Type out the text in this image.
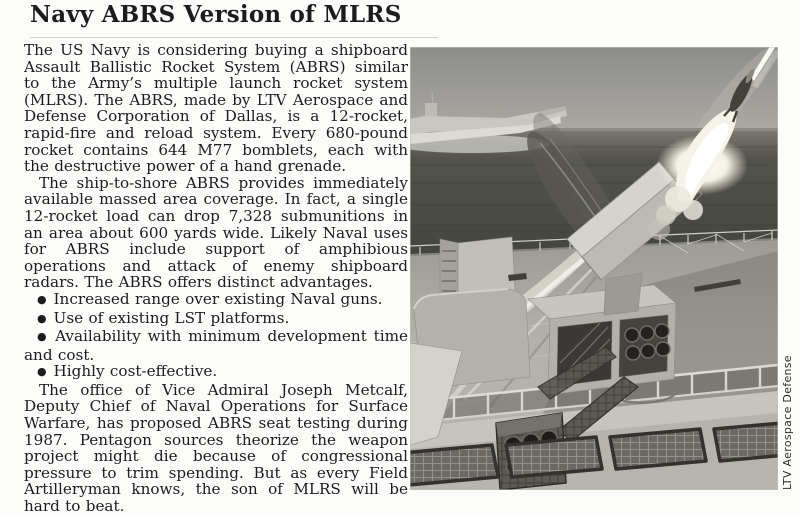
Navy ABRS Version of MLRS

The US Navy is considering buying a shipboard Assault Ballistic Rocket System (ABRS) similar to the Army’s multiple launch rocket system (MLRS). The ABRS, made by LTV Aerospace and Defense Corporation of Dallas, is a 12-rocket, rapid-fire and reload system. Every 680-pound rocket contains 644 M77 bomblets, each with the destructive power of a hand grenade.

The ship-to-shore ABRS provides immediately available massed area coverage. In fact, a single 12-rocket load can drop 7,328 submunitions in an area about 600 yards wide. Likely Naval uses for ABRS include support of amphibious operations and attack of enemy shipboard radars. The ABRS offers distinct advantages.

● Increased range over existing Naval guns.

● Use of existing LST platforms.

● Availability with minimum development time and cost.

● Highly cost-effective.

The office of Vice Admiral Joseph Metcalf, Deputy Chief of Naval Operations for Surface Warfare, has proposed ABRS seat testing during 1987. Pentagon sources theorize the weapon project might die because of congressional pressure to trim spending. But as every Field Artilleryman knows, the son of MLRS will be hard to beat.

LTV Aerospace Defense
